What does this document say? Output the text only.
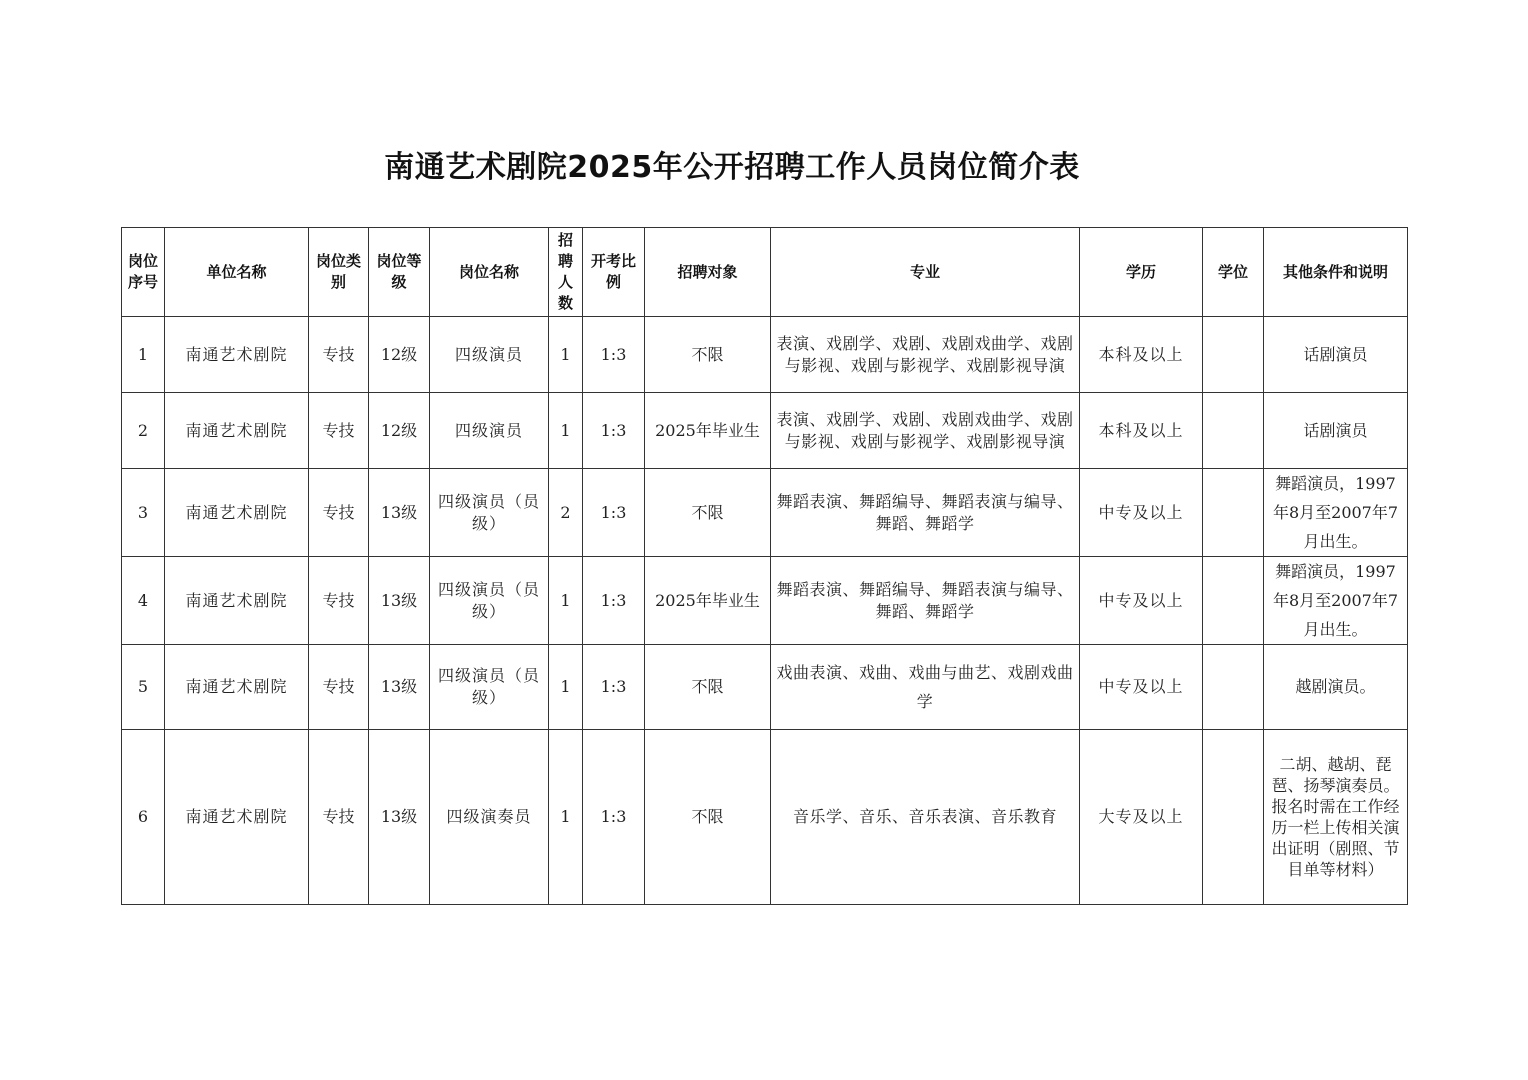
南通艺术剧院2025年公开招聘工作人员岗位简介表
岗位序号	单位名称	岗位类别	岗位等级	岗位名称	招聘人数	开考比例	招聘对象	专业	学历	学位	其他条件和说明
1	南通艺术剧院	专技	12级	四级演员	1	1:3	不限	表演、戏剧学、戏剧、戏剧戏曲学、戏剧与影视、戏剧与影视学、戏剧影视导演	本科及以上		话剧演员
2	南通艺术剧院	专技	12级	四级演员	1	1:3	2025年毕业生	表演、戏剧学、戏剧、戏剧戏曲学、戏剧与影视、戏剧与影视学、戏剧影视导演	本科及以上		话剧演员
3	南通艺术剧院	专技	13级	四级演员（员级）	2	1:3	不限	舞蹈表演、舞蹈编导、舞蹈表演与编导、舞蹈、舞蹈学	中专及以上		舞蹈演员，1997年8月至2007年7月出生。
4	南通艺术剧院	专技	13级	四级演员（员级）	1	1:3	2025年毕业生	舞蹈表演、舞蹈编导、舞蹈表演与编导、舞蹈、舞蹈学	中专及以上		舞蹈演员，1997年8月至2007年7月出生。
5	南通艺术剧院	专技	13级	四级演员（员级）	1	1:3	不限	戏曲表演、戏曲、戏曲与曲艺、戏剧戏曲学	中专及以上		越剧演员。
6	南通艺术剧院	专技	13级	四级演奏员	1	1:3	不限	音乐学、音乐、音乐表演、音乐教育	大专及以上		二胡、越胡、琵琶、扬琴演奏员。报名时需在工作经历一栏上传相关演出证明（剧照、节目单等材料）
